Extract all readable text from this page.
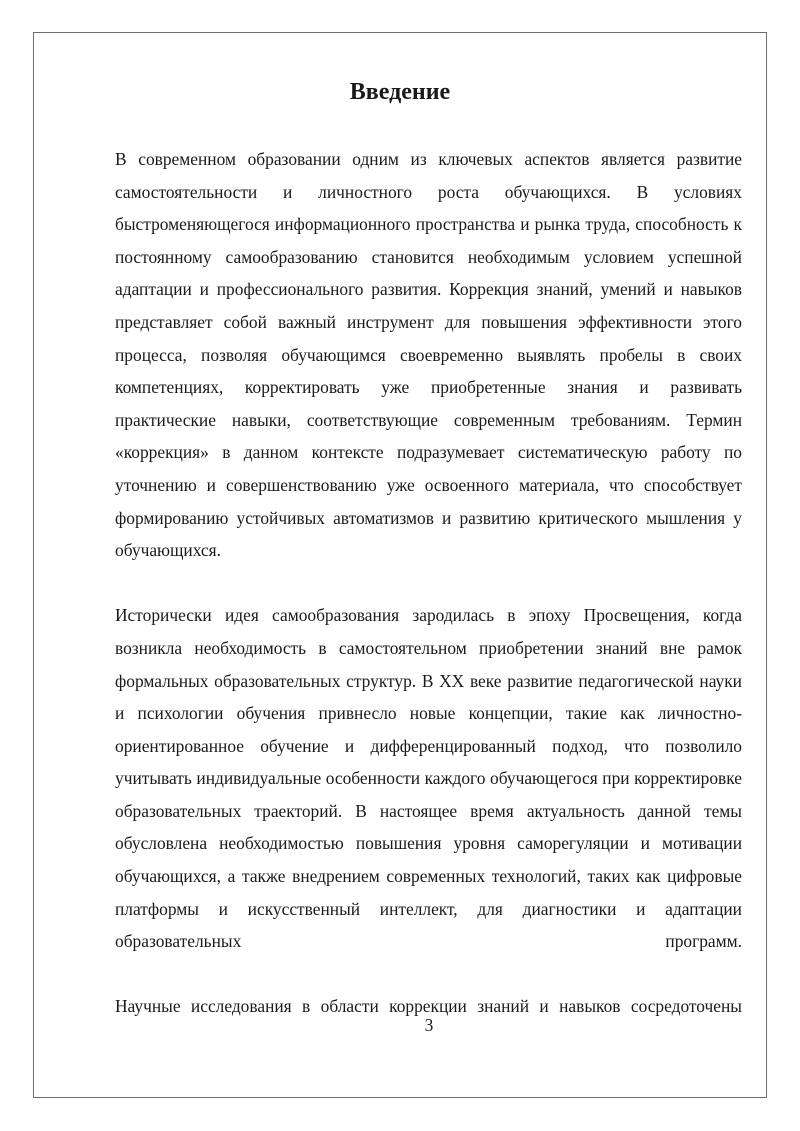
Введение

В современном образовании одним из ключевых аспектов является развитие самостоятельности и личностного роста обучающихся. В условиях быстроменяющегося информационного пространства и рынка труда, способность к постоянному самообразованию становится необходимым условием успешной адаптации и профессионального развития. Коррекция знаний, умений и навыков представляет собой важный инструмент для повышения эффективности этого процесса, позволяя обучающимся своевременно выявлять пробелы в своих компетенциях, корректировать уже приобретенные знания и развивать практические навыки, соответствующие современным требованиям. Термин «коррекция» в данном контексте подразумевает систематическую работу по уточнению и совершенствованию уже освоенного материала, что способствует формированию устойчивых автоматизмов и развитию критического мышления у обучающихся.

Исторически идея самообразования зародилась в эпоху Просвещения, когда возникла необходимость в самостоятельном приобретении знаний вне рамок формальных образовательных структур. В XX веке развитие педагогической науки и психологии обучения привнесло новые концепции, такие как личностно-ориентированное обучение и дифференцированный подход, что позволило учитывать индивидуальные особенности каждого обучающегося при корректировке образовательных траекторий. В настоящее время актуальность данной темы обусловлена необходимостью повышения уровня саморегуляции и мотивации обучающихся, а также внедрением современных технологий, таких как цифровые платформы и искусственный интеллект, для диагностики и адаптации образовательных программ.

Научные исследования в области коррекции знаний и навыков сосредоточены

3
